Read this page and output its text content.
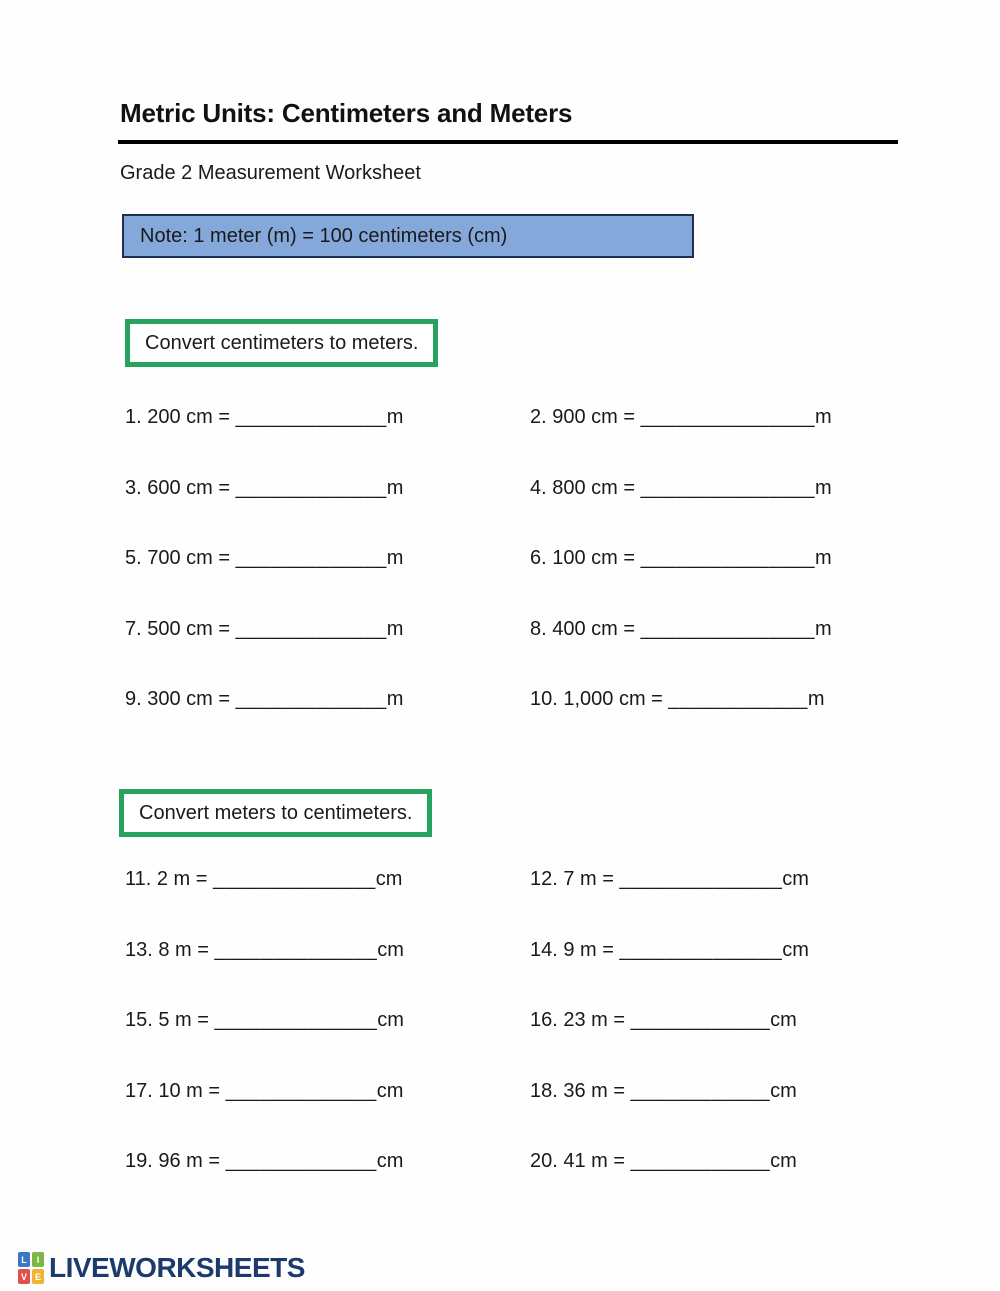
Metric Units: Centimeters and Meters
Grade 2 Measurement Worksheet
Note: 1 meter (m) = 100 centimeters (cm)
Convert centimeters to meters.
1. 200 cm = _____________m	2. 900 cm = _______________m
3. 600 cm = _____________m	4. 800 cm = _______________m
5. 700 cm = _____________m	6. 100 cm = _______________m
7. 500 cm = _____________m	8. 400 cm = _______________m
9. 300 cm = _____________m	10. 1,000 cm = ____________m
Convert meters to centimeters.
11. 2 m = ______________cm	12. 7 m = ______________cm
13. 8 m = ______________cm	14. 9 m = ______________cm
15. 5 m = ______________cm	16. 23 m = ____________cm
17. 10 m = _____________cm	18. 36 m = ____________cm
19. 96 m = _____________cm	20. 41 m = ____________cm
L	I
V E LIVEWORKSHEETS
